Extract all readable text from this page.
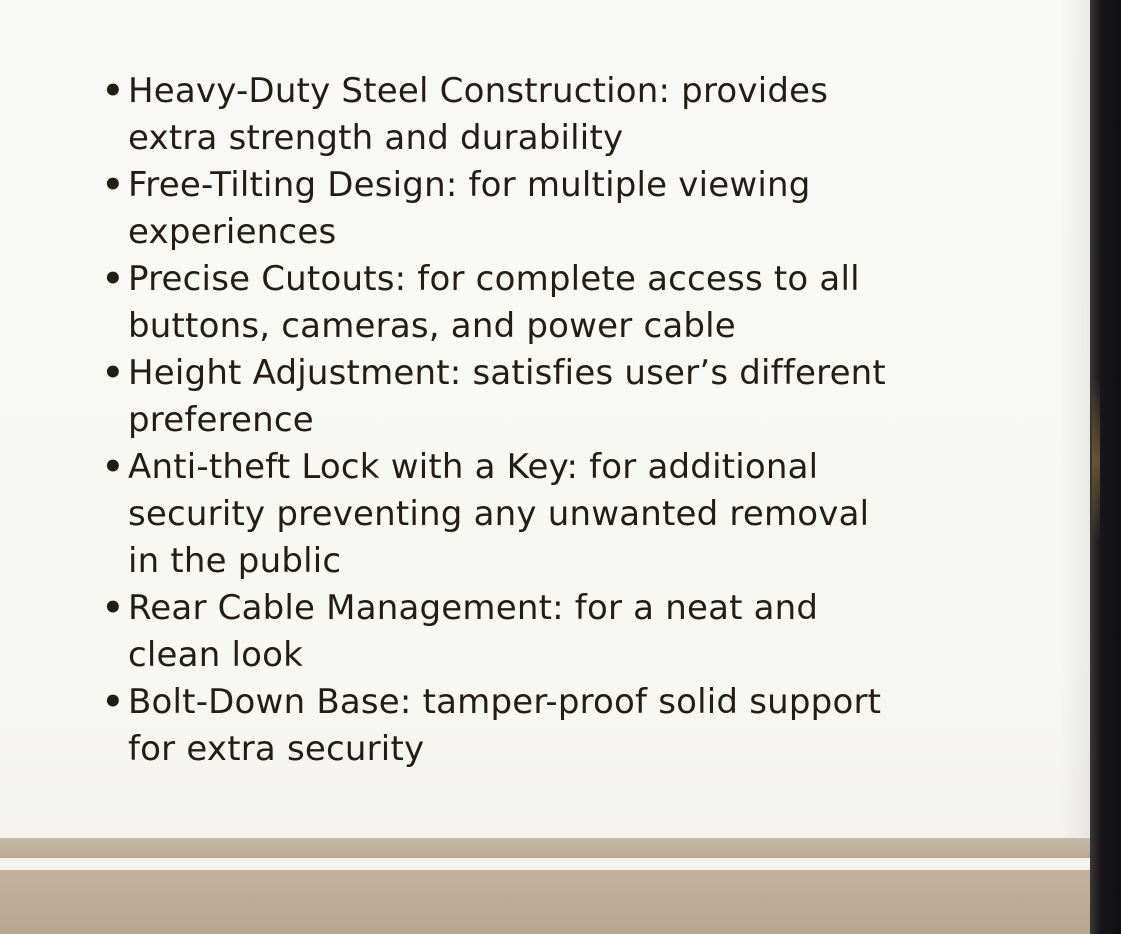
• Heavy-Duty Steel Construction: provides
extra strength and durability
• Free-Tilting Design: for multiple viewing
experiences
• Precise Cutouts: for complete access to all
buttons, cameras, and power cable
• Height Adjustment: satisfies user’s different
preference
• Anti-theft Lock with a Key: for additional
security preventing any unwanted removal
in the public
• Rear Cable Management: for a neat and
clean look
• Bolt-Down Base: tamper-proof solid support
for extra security
